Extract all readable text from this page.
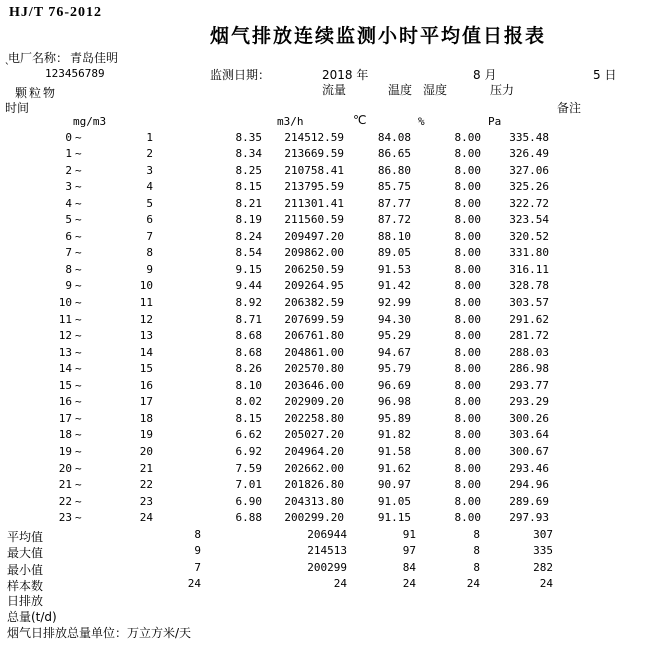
HJ/T 76-2012
烟气排放连续监测小时平均值日报表
电厂名称： 青岛佳明
`	123456789	监测日期：	2018 年	8 月	5 日
颗粒物	流量	温度 湿度	压力
时间	备注
mg/m3	m3/h	℃	%	Pa
0 ~	1	8.35	214512.59	84.08	8.00	335.48
1 ~	2	8.34	213669.59	86.65	8.00	326.49
2 ~	3	8.25	210758.41	86.80	8.00	327.06
3 ~	4	8.15	213795.59	85.75	8.00	325.26
4 ~	5	8.21	211301.41	87.77	8.00	322.72
5 ~	6	8.19	211560.59	87.72	8.00	323.54
6 ~	7	8.24	209497.20	88.10	8.00	320.52
7 ~	8	8.54	209862.00	89.05	8.00	331.80
8 ~	9	9.15	206250.59	91.53	8.00	316.11
9 ~	10	9.44	209264.95	91.42	8.00	328.78
10 ~	11	8.92	206382.59	92.99	8.00	303.57
11 ~	12	8.71	207699.59	94.30	8.00	291.62
12 ~	13	8.68	206761.80	95.29	8.00	281.72
13 ~	14	8.68	204861.00	94.67	8.00	288.03
14 ~	15	8.26	202570.80	95.79	8.00	286.98
15 ~	16	8.10	203646.00	96.69	8.00	293.77
16 ~	17	8.02	202909.20	96.98	8.00	293.29
17 ~	18	8.15	202258.80	95.89	8.00	300.26
18 ~	19	6.62	205027.20	91.82	8.00	303.64
19 ~	20	6.92	204964.20	91.58	8.00	300.67
20 ~	21	7.59	202662.00	91.62	8.00	293.46
21 ~	22	7.01	201826.80	90.97	8.00	294.96
22 ~	23	6.90	204313.80	91.05	8.00	289.69
23 ~	24	6.88	200299.20	91.15	8.00	297.93
平均值	8	206944	91	8	307
最大值	9	214513	97	8	335
最小值	7	200299	84	8	282
样本数	24	24	24	24	24
日排放
总量(t/d)
烟气日排放总量单位：万立方米/天
